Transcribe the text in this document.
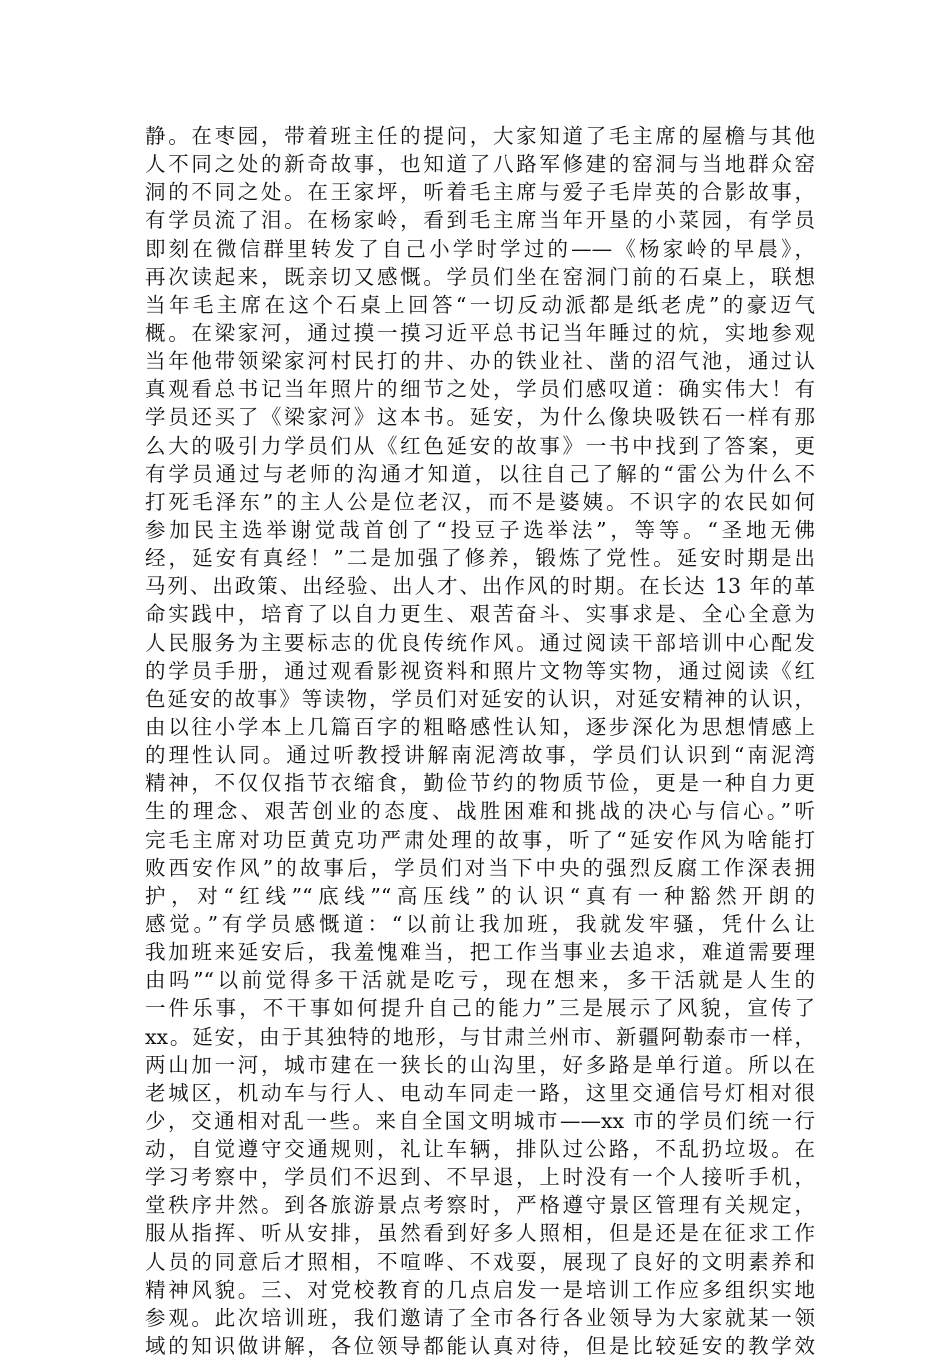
静。在枣园，带着班主任的提问，大家知道了毛主席的屋檐与其他
人不同之处的新奇故事，也知道了八路军修建的窑洞与当地群众窑
洞的不同之处。在王家坪，听着毛主席与爱子毛岸英的合影故事，
有学员流了泪。在杨家岭，看到毛主席当年开垦的小菜园，有学员
即刻在微信群里转发了自己小学时学过的——《杨家岭的早晨》，
再次读起来，既亲切又感慨。学员们坐在窑洞门前的石桌上，联想
当年毛主席在这个石桌上回答“一切反动派都是纸老虎”的豪迈气
概。在梁家河，通过摸一摸习近平总书记当年睡过的炕，实地参观
当年他带领梁家河村民打的井、办的铁业社、凿的沼气池，通过认
真观看总书记当年照片的细节之处，学员们感叹道：确实伟大！有
学员还买了《梁家河》这本书。延安，为什么像块吸铁石一样有那
么大的吸引力学员们从《红色延安的故事》一书中找到了答案，更
有学员通过与老师的沟通才知道，以往自己了解的“雷公为什么不
打死毛泽东”的主人公是位老汉，而不是婆姨。不识字的农民如何
参加民主选举谢觉哉首创了“投豆子选举法”，等等。“圣地无佛
经，延安有真经！”二是加强了修养，锻炼了党性。延安时期是出
马列、出政策、出经验、出人才、出作风的时期。在长达 13 年的革
命实践中，培育了以自力更生、艰苦奋斗、实事求是、全心全意为
人民服务为主要标志的优良传统作风。通过阅读干部培训中心配发
的学员手册，通过观看影视资料和照片文物等实物，通过阅读《红
色延安的故事》等读物，学员们对延安的认识，对延安精神的认识，
由以往小学本上几篇百字的粗略感性认知，逐步深化为思想情感上
的理性认同。通过听教授讲解南泥湾故事，学员们认识到“南泥湾
精神，不仅仅指节衣缩食，勤俭节约的物质节俭，更是一种自力更
生的理念、艰苦创业的态度、战胜困难和挑战的决心与信心。”听
完毛主席对功臣黄克功严肃处理的故事，听了“延安作风为啥能打
败西安作风”的故事后，学员们对当下中央的强烈反腐工作深表拥
护，对“红线”“底线”“高压线”的认识“真有一种豁然开朗的
感觉。”有学员感慨道：“以前让我加班，我就发牢骚，凭什么让
我加班来延安后，我羞愧难当，把工作当事业去追求，难道需要理
由吗”“以前觉得多干活就是吃亏，现在想来，多干活就是人生的
一件乐事，不干事如何提升自己的能力”三是展示了风貌，宣传了
xx。延安，由于其独特的地形，与甘肃兰州市、新疆阿勒泰市一样，
两山加一河，城市建在一狭长的山沟里，好多路是单行道。所以在
老城区，机动车与行人、电动车同走一路，这里交通信号灯相对很
少，交通相对乱一些。来自全国文明城市——xx 市的学员们统一行
动，自觉遵守交通规则，礼让车辆，排队过公路，不乱扔垃圾。在
学习考察中，学员们不迟到、不早退，上时没有一个人接听手机，
堂秩序井然。到各旅游景点考察时，严格遵守景区管理有关规定，
服从指挥、听从安排，虽然看到好多人照相，但是还是在征求工作
人员的同意后才照相，不喧哗、不戏耍，展现了良好的文明素养和
精神风貌。三、对党校教育的几点启发一是培训工作应多组织实地
参观。此次培训班，我们邀请了全市各行各业领导为大家就某一领
域的知识做讲解，各位领导都能认真对待，但是比较延安的教学效
